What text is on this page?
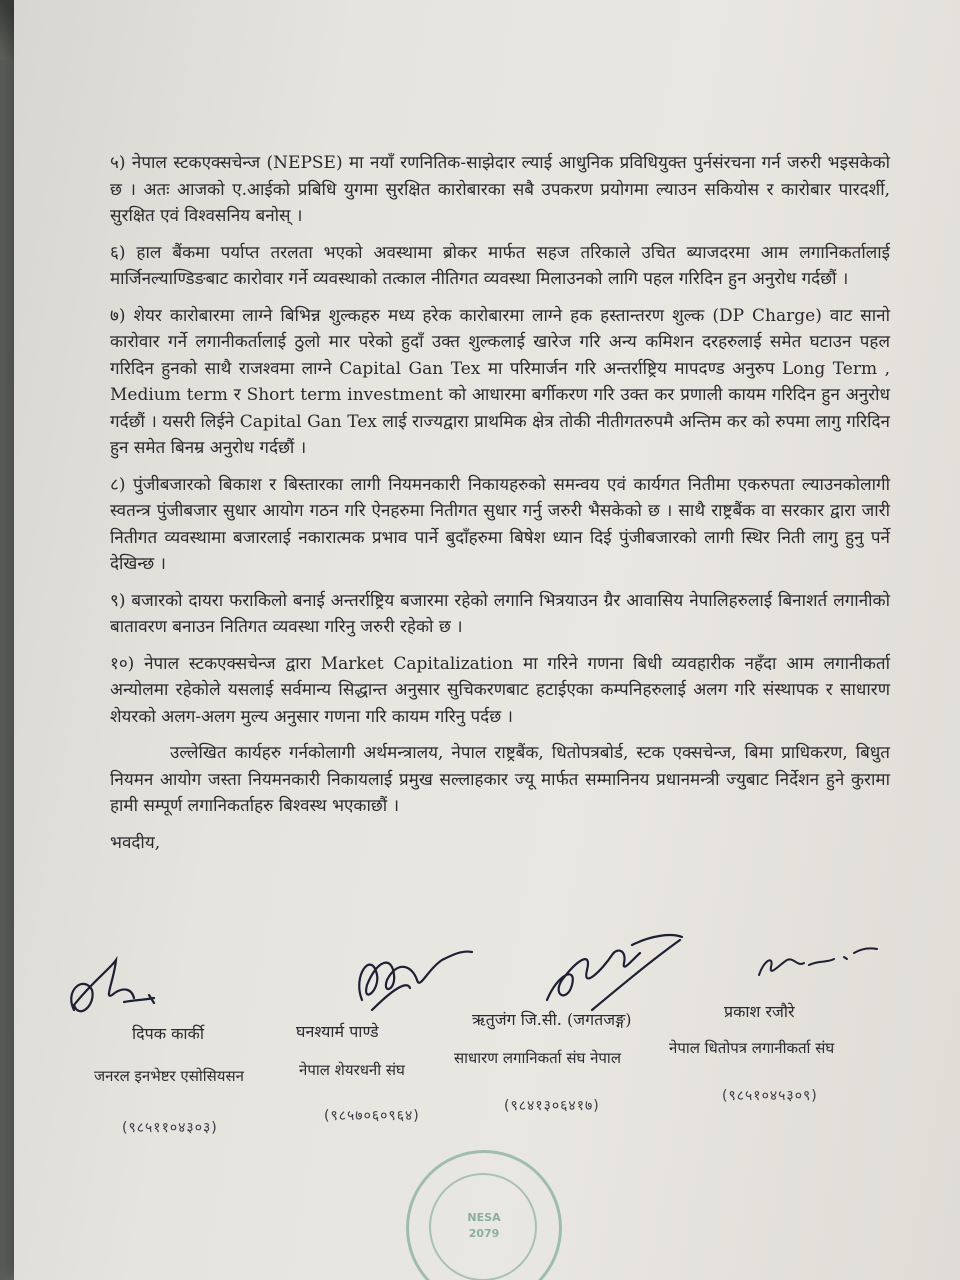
५) नेपाल स्टकएक्सचेन्ज (NEPSE) मा नयाँ रणनितिक-साझेदार ल्याई आधुनिक प्रविधियुक्त पुर्नसंरचना गर्न जरुरी भइसकेको छ । अतः आजको ए.आईको प्रबिधि युगमा सुरक्षित कारोबारका सबै उपकरण प्रयोगमा ल्याउन सकियोस र कारोबार पारदर्शी, सुरक्षित एवं विश्वसनिय बनोस् ।

६) हाल बैंकमा पर्याप्त तरलता भएको अवस्थामा ब्रोकर मार्फत सहज तरिकाले उचित ब्याजदरमा आम लगानिकर्तालाई मार्जिनल्याण्डिङबाट कारोवार गर्ने व्यवस्थाको तत्काल नीतिगत व्यवस्था मिलाउनको लागि पहल गरिदिन हुन अनुरोध गर्दछौं ।

७) शेयर कारोबारमा लाग्ने बिभिन्न शुल्कहरु मध्य हरेक कारोबारमा लाग्ने हक हस्तान्तरण शुल्क (DP Charge) वाट सानो कारोवार गर्ने लगानीकर्तालाई ठुलो मार परेको हुदाँ उक्त शुल्कलाई खारेज गरि अन्य कमिशन दरहरुलाई समेत घटाउन पहल गरिदिन हुनको साथै राजश्वमा लाग्ने Capital Gan Tex मा परिमार्जन गरि अन्तर्राष्ट्रिय मापदण्ड अनुरुप Long Term , Medium term र Short term investment को आधारमा बर्गीकरण गरि उक्त कर प्रणाली कायम गरिदिन हुन अनुरोध गर्दछौं । यसरी लिईने Capital Gan Tex लाई राज्यद्वारा प्राथमिक क्षेत्र तोकी नीतीगतरुपमै अन्तिम कर को रुपमा लागु गरिदिन हुन समेत बिनम्र अनुरोध गर्दछौं ।

८) पुंजीबजारको बिकाश र बिस्तारका लागी नियमनकारी निकायहरुको समन्वय एवं कार्यगत नितीमा एकरुपता ल्याउनकोलागी स्वतन्त्र पुंजीबजार सुधार आयोग गठन गरि ऐनहरुमा नितीगत सुधार गर्नु जरुरी भैसकेको छ । साथै राष्ट्रबैंक वा सरकार द्वारा जारी नितीगत व्यवस्थामा बजारलाई नकारात्मक प्रभाव पार्ने बुदाँहरुमा बिषेश ध्यान दिई पुंजीबजारको लागी स्थिर निती लागु हुनु पर्ने देखिन्छ ।

९) बजारको दायरा फराकिलो बनाई अन्तर्राष्ट्रिय बजारमा रहेको लगानि भित्रयाउन ग्रैर आवासिय नेपालिहरुलाई बिनाशर्त लगानीको बातावरण बनाउन नितिगत व्यवस्था गरिनु जरुरी रहेको छ ।

१०) नेपाल स्टकएक्सचेन्ज द्वारा Market Capitalization मा गरिने गणना बिधी व्यवहारीक नहँदा आम लगानीकर्ता अन्योलमा रहेकोले यसलाई सर्वमान्य सिद्धान्त अनुसार सुचिकरणबाट हटाईएका कम्पनिहरुलाई अलग गरि संस्थापक र साधारण शेयरको अलग-अलग मुल्य अनुसार गणना गरि कायम गरिनु पर्दछ ।

उल्लेखित कार्यहरु गर्नकोलागी अर्थमन्त्रालय, नेपाल राष्ट्रबैंक, धितोपत्रबोर्ड, स्टक एक्सचेन्ज, बिमा प्राधिकरण, बिधुत नियमन आयोग जस्ता नियमनकारी निकायलाई प्रमुख सल्लाहकार ज्यू मार्फत सम्मानिनय प्रधानमन्त्री ज्युबाट निर्देशन हुने कुरामा हामी सम्पूर्ण लगानिकर्ताहरु बिश्वस्थ भएकाछौं ।

भवदीय,
दिपक कार्की	घनश्यार्म पाण्डे
ऋतुजंग जि.सी. (जगतजङ्ग)	प्रकाश रजौरे
जनरल इनभेष्टर एसोसियसन	नेपाल शेयरधनी संघ
साधारण लगानिकर्ता संघ नेपाल
नेपाल धितोपत्र लगानीकर्ता संघ
(९८५११०४३०३)
(९८५७०६०९६४)
(९८४१३०६४१७)
(९८५१०४५३०९)
NESA
2079
